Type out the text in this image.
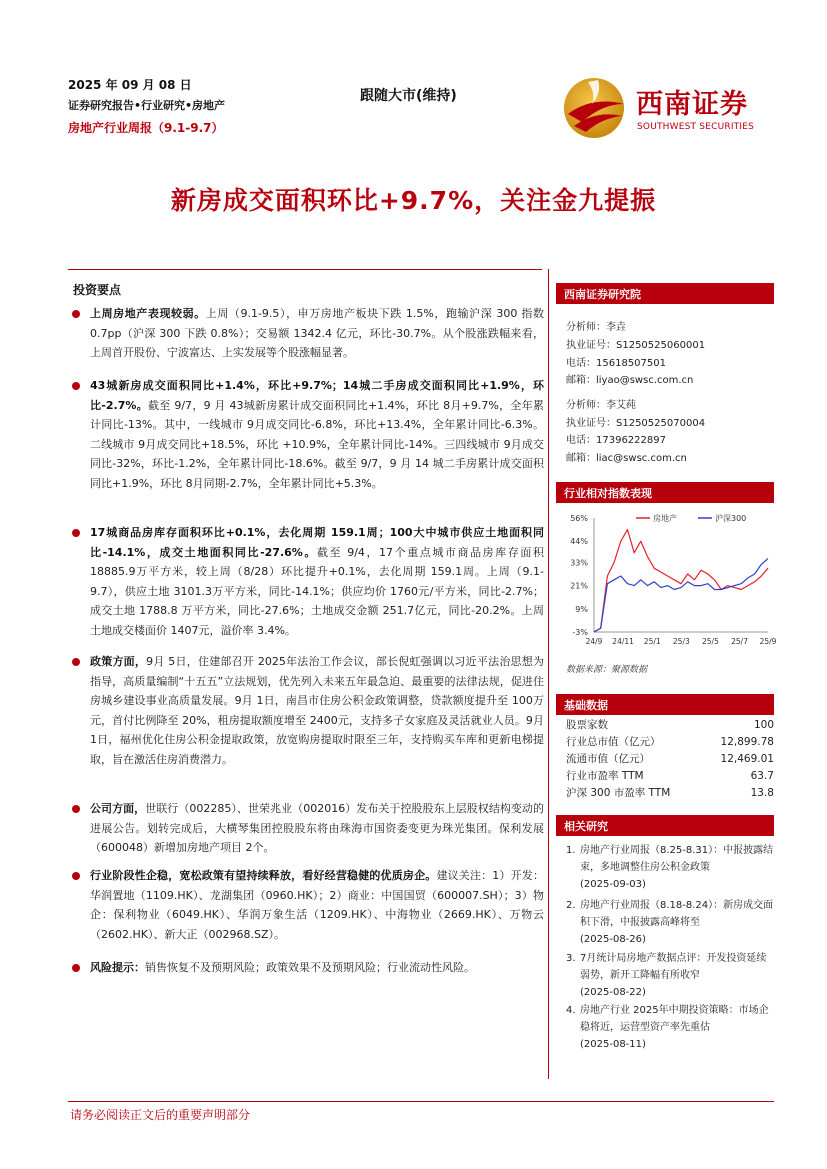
2025 年 09 月 08 日
证券研究报告•行业研究•房地产
房地产行业周报（9.1-9.7）
跟随大市(维持)	西南证券
SOUTHWEST SECURITIES
新房成交面积环比+9.7%，关注金九提振
投资要点
上周房地产表现较弱。上周（9.1-9.5），申万房地产板块下跌 1.5%，跑输沪深 300 指数 0.7pp（沪深 300 下跌 0.8%）；交易额 1342.4 亿元，环比-30.7%。从个股涨跌幅来看，上周首开股份、宁波富达、上实发展等个股涨幅显著。
43城新房成交面积同比+1.4%，环比+9.7%；14城二手房成交面积同比+1.9%，环比-2.7%。截至 9/7，9 月 43城新房累计成交面积同比+1.4%，环比 8月+9.7%，全年累计同比-13%。其中，一线城市 9月成交同比-6.8%，环比+13.4%，全年累计同比-6.3%。二线城市 9月成交同比+18.5%，环比 +10.9%，全年累计同比-14%。三四线城市 9月成交同比-32%，环比-1.2%，全年累计同比-18.6%。截至 9/7，9 月 14 城二手房累计成交面积同比+1.9%，环比 8月同期-2.7%，全年累计同比+5.3%。
17城商品房库存面积环比+0.1%，去化周期 159.1周；100大中城市供应土地面积同比-14.1%，成交土地面积同比-27.6%。截至 9/4，17个重点城市商品房库存面积 18885.9万平方米，较上周（8/28）环比提升+0.1%，去化周期 159.1周。上周（9.1-9.7），供应土地 3101.3万平方米，同比-14.1%；供应均价 1760元/平方米，同比-2.7%；成交土地 1788.8 万平方米，同比-27.6%；土地成交金额 251.7亿元，同比-20.2%。上周土地成交楼面价 1407元，溢价率 3.4%。
政策方面，9月 5日，住建部召开 2025年法治工作会议，部长倪虹强调以习近平法治思想为指导，高质量编制“十五五”立法规划，优先列入未来五年最急迫、最重要的法律法规，促进住房城乡建设事业高质量发展。9月 1日，南昌市住房公积金政策调整，贷款额度提升至 100万元，首付比例降至 20%，租房提取额度增至 2400元，支持多子女家庭及灵活就业人员。9月 1日，福州优化住房公积金提取政策，放宽购房提取时限至三年，支持购买车库和更新电梯提取，旨在激活住房消费潜力。
公司方面，世联行（002285）、世荣兆业（002016）发布关于控股股东上层股权结构变动的进展公告。划转完成后，大横琴集团控股股东将由珠海市国资委变更为珠光集团。保利发展（600048）新增加房地产项目 2个。
行业阶段性企稳，宽松政策有望持续释放，看好经营稳健的优质房企。建议关注：1）开发：华润置地（1109.HK）、龙湖集团（0960.HK）；2）商业：中国国贸（600007.SH）；3）物企：保利物业（6049.HK）、华润万象生活（1209.HK）、中海物业（2669.HK）、万物云（2602.HK）、新大正（002968.SZ）。
风险提示：销售恢复不及预期风险；政策效果不及预期风险；行业流动性风险。
西南证券研究院
分析师：李垚
执业证号：S1250525060001
电话：15618507501
邮箱：liyao@swsc.com.cn
分析师：李艾莼
执业证号：S1250525070004
电话：17396222897
邮箱：liac@swsc.com.cn
行业相对指数表现
-3%
9%
21%
33%
44%
56%
24/9 24/11 25/1 25/3 25/5 25/7 25/9
房地产	沪深300
数据来源：聚源数据
基础数据
股票家数	100
行业总市值（亿元）	12,899.78
流通市值（亿元）	12,469.01
行业市盈率 TTM	63.7
沪深 300 市盈率 TTM	13.8
相关研究
1. 房地产行业周报（8.25-8.31）：中报披露结束，多地调整住房公积金政策
(2025-09-03)
2. 房地产行业周报（8.18-8.24）：新房成交面积下滑，中报披露高峰将至
(2025-08-26)
3. 7月统计局房地产数据点评：开发投资延续弱势，新开工降幅有所收窄
(2025-08-22)
4. 房地产行业 2025年中期投资策略：市场企稳将近，运营型资产率先重估
(2025-08-11)
请务必阅读正文后的重要声明部分
